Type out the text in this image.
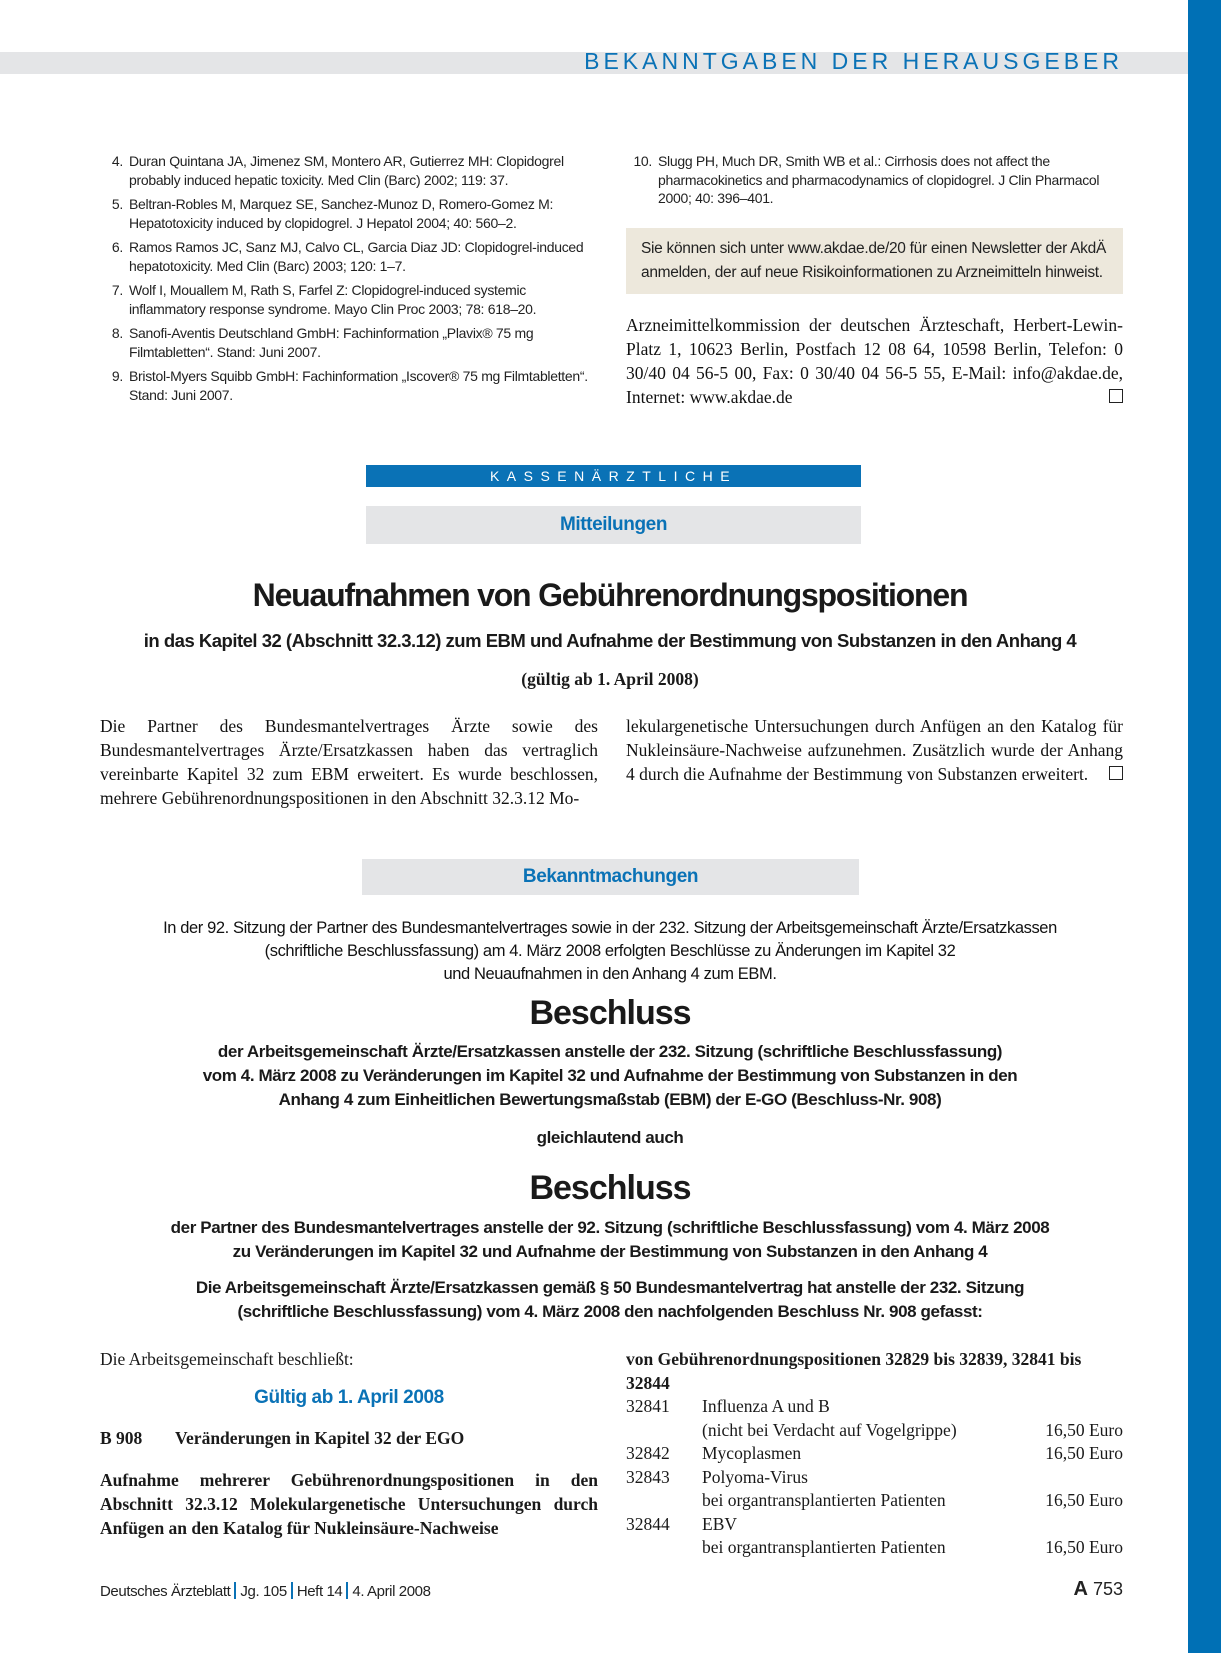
BEKANNTGABEN DER HERAUSGEBER
4. Duran Quintana JA, Jimenez SM, Montero AR, Gutierrez MH: Clopidogrel probably induced hepatic toxicity. Med Clin (Barc) 2002; 119: 37.
5. Beltran-Robles M, Marquez SE, Sanchez-Munoz D, Romero-Gomez M: Hepatotoxicity induced by clopidogrel. J Hepatol 2004; 40: 560–2.
6. Ramos Ramos JC, Sanz MJ, Calvo CL, Garcia Diaz JD: Clopidogrel-induced hepatotoxicity. Med Clin (Barc) 2003; 120: 1–7.
7. Wolf I, Mouallem M, Rath S, Farfel Z: Clopidogrel-induced systemic inflammatory response syndrome. Mayo Clin Proc 2003; 78: 618–20.
8. Sanofi-Aventis Deutschland GmbH: Fachinformation „Plavix® 75 mg Filmtabletten“. Stand: Juni 2007.
9. Bristol-Myers Squibb GmbH: Fachinformation „Iscover® 75 mg Filmtabletten“. Stand: Juni 2007.
10. Slugg PH, Much DR, Smith WB et al.: Cirrhosis does not affect the pharmacokinetics and pharmacodynamics of clopidogrel. J Clin Pharmacol 2000; 40: 396–401.
Sie können sich unter www.akdae.de/20 für einen Newsletter der AkdÄ anmelden, der auf neue Risikoinformationen zu Arzneimitteln hinweist.
Arzneimittelkommission der deutschen Ärzteschaft, Herbert-Lewin-Platz 1, 10623 Berlin, Postfach 12 08 64, 10598 Berlin, Telefon: 0 30/40 04 56-5 00, Fax: 0 30/40 04 56-5 55, E-Mail: info@akdae.de, Internet: www.akdae.de
KASSENÄRZTLICHE BUNDESVEREINIGUNG
Mitteilungen
Neuaufnahmen von Gebührenordnungspositionen
in das Kapitel 32 (Abschnitt 32.3.12) zum EBM und Aufnahme der Bestimmung von Substanzen in den Anhang 4
(gültig ab 1. April 2008)
Die Partner des Bundesmantelvertrages Ärzte sowie des Bundesmantelvertrages Ärzte/Ersatzkassen haben das vertraglich vereinbarte Kapitel 32 zum EBM erweitert. Es wurde beschlossen, mehrere Gebührenordnungspositionen in den Abschnitt 32.3.12 Mo-
lekulargenetische Untersuchungen durch Anfügen an den Katalog für Nukleinsäure-Nachweise aufzunehmen. Zusätzlich wurde der Anhang 4 durch die Aufnahme der Bestimmung von Substanzen erweitert.
Bekanntmachungen
In der 92. Sitzung der Partner des Bundesmantelvertrages sowie in der 232. Sitzung der Arbeitsgemeinschaft Ärzte/Ersatzkassen
(schriftliche Beschlussfassung) am 4. März 2008 erfolgten Beschlüsse zu Änderungen im Kapitel 32
und Neuaufnahmen in den Anhang 4 zum EBM.
Beschluss
der Arbeitsgemeinschaft Ärzte/Ersatzkassen anstelle der 232. Sitzung (schriftliche Beschlussfassung)
vom 4. März 2008 zu Veränderungen im Kapitel 32 und Aufnahme der Bestimmung von Substanzen in den
Anhang 4 zum Einheitlichen Bewertungsmaßstab (EBM) der E-GO (Beschluss-Nr. 908)
gleichlautend auch
Beschluss
der Partner des Bundesmantelvertrages anstelle der 92. Sitzung (schriftliche Beschlussfassung) vom 4. März 2008
zu Veränderungen im Kapitel 32 und Aufnahme der Bestimmung von Substanzen in den Anhang 4
Die Arbeitsgemeinschaft Ärzte/Ersatzkassen gemäß § 50 Bundesmantelvertrag hat anstelle der 232. Sitzung
(schriftliche Beschlussfassung) vom 4. März 2008 den nachfolgenden Beschluss Nr. 908 gefasst:

Die Arbeitsgemeinschaft beschließt:

Gültig ab 1. April 2008

B 908 Veränderungen in Kapitel 32 der EGO

Aufnahme mehrerer Gebührenordnungspositionen in den Abschnitt 32.3.12 Molekulargenetische Untersuchungen durch Anfügen an den Katalog für Nukleinsäure-Nachweise

von Gebührenordnungspositionen 32829 bis 32839, 32841 bis 32844
32841	Influenza A und B	
	(nicht bei Verdacht auf Vogelgrippe)	16,50 Euro
32842	Mycoplasmen	16,50 Euro
32843	Polyoma-Virus	
	bei organtransplantierten Patienten	16,50 Euro
32844	EBV	
	bei organtransplantierten Patienten	16,50 Euro
Deutsches Ärzteblatt Jg. 105 Heft 14 4. April 2008	A 753
